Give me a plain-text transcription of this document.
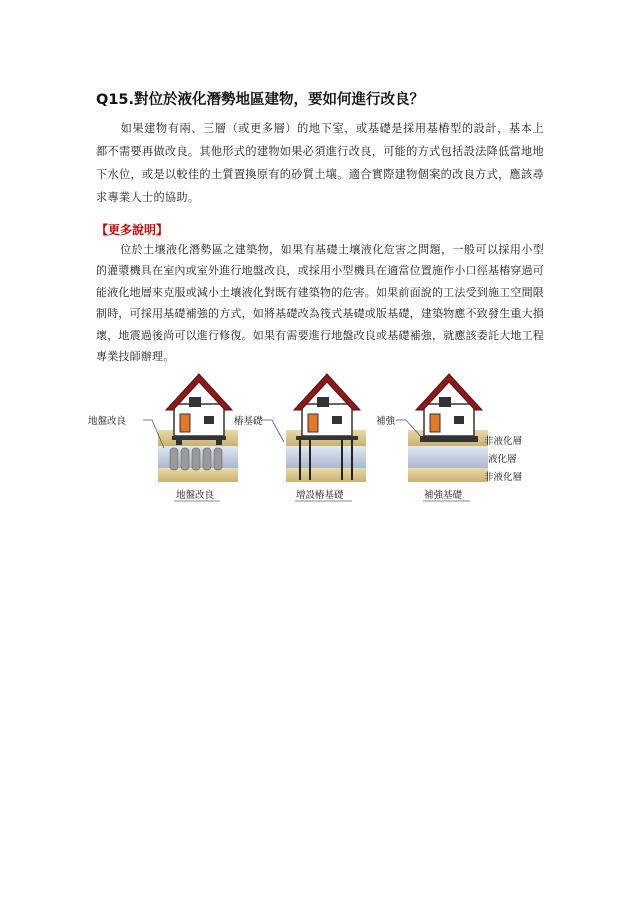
Q15.對位於液化潛勢地區建物，要如何進行改良？
如果建物有兩、三層（或更多層）的地下室，或基礎是採用基樁型的設計，基本上都不需要再做改良。其他形式的建物如果必須進行改良，可能的方式包括設法降低當地地下水位，或是以較佳的土質置換原有的砂質土壤。適合實際建物個案的改良方式，應該尋求專業人士的協助。
【更多說明】
位於土壤液化潛勢區之建築物，如果有基礎土壤液化危害之問題，一般可以採用小型的灌漿機具在室內或室外進行地盤改良，或採用小型機具在適當位置施作小口徑基樁穿過可能液化地層來克服或減小土壤液化對既有建築物的危害。如果前面說的工法受到施工空間限制時，可採用基礎補強的方式，如將基礎改為筏式基礎或版基礎，建築物應不致發生重大損壞，地震過後尚可以進行修復。如果有需要進行地盤改良或基礎補強，就應該委託大地工程專業技師辦理。
地盤改良
地盤改良
樁基礎
增設樁基礎
補強
補強基礎
非液化層
液化層
非液化層
